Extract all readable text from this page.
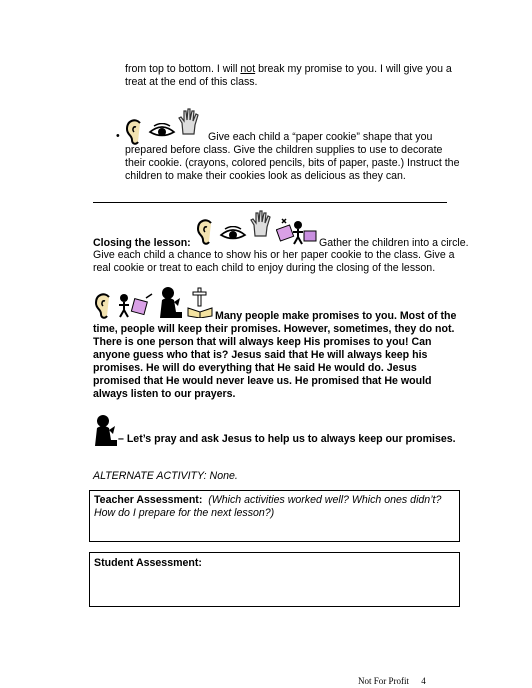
from top to bottom. I will not break my promise to you. I will give you a
treat at the end of this class.
•	Give each child a “paper cookie” shape that you
prepared before class. Give the children supplies to use to decorate their cookie. (crayons, colored pencils, bits of paper, paste.) Instruct the children to make their cookies look as delicious as they can.
Closing the lesson:	Gather the children into a circle.
Give each child a chance to show his or her paper cookie to the class. Give a real cookie or treat to each child to enjoy during the closing of the lesson.
Many people make promises to you. Most of the
time, people will keep their promises. However, sometimes, they do not. There is one person that will always keep His promises to you! Can anyone guess who that is? Jesus said that He will always keep his promises. He will do everything that He said He would do. Jesus promised that He would never leave us. He promised that He would always listen to our prayers.
– Let’s pray and ask Jesus to help us to always keep our promises.
ALTERNATE ACTIVITY: None.
Teacher Assessment: (Which activities worked well? Which ones didn’t?
How do I prepare for the next lesson?)
Student Assessment:
Not For Profit 4
